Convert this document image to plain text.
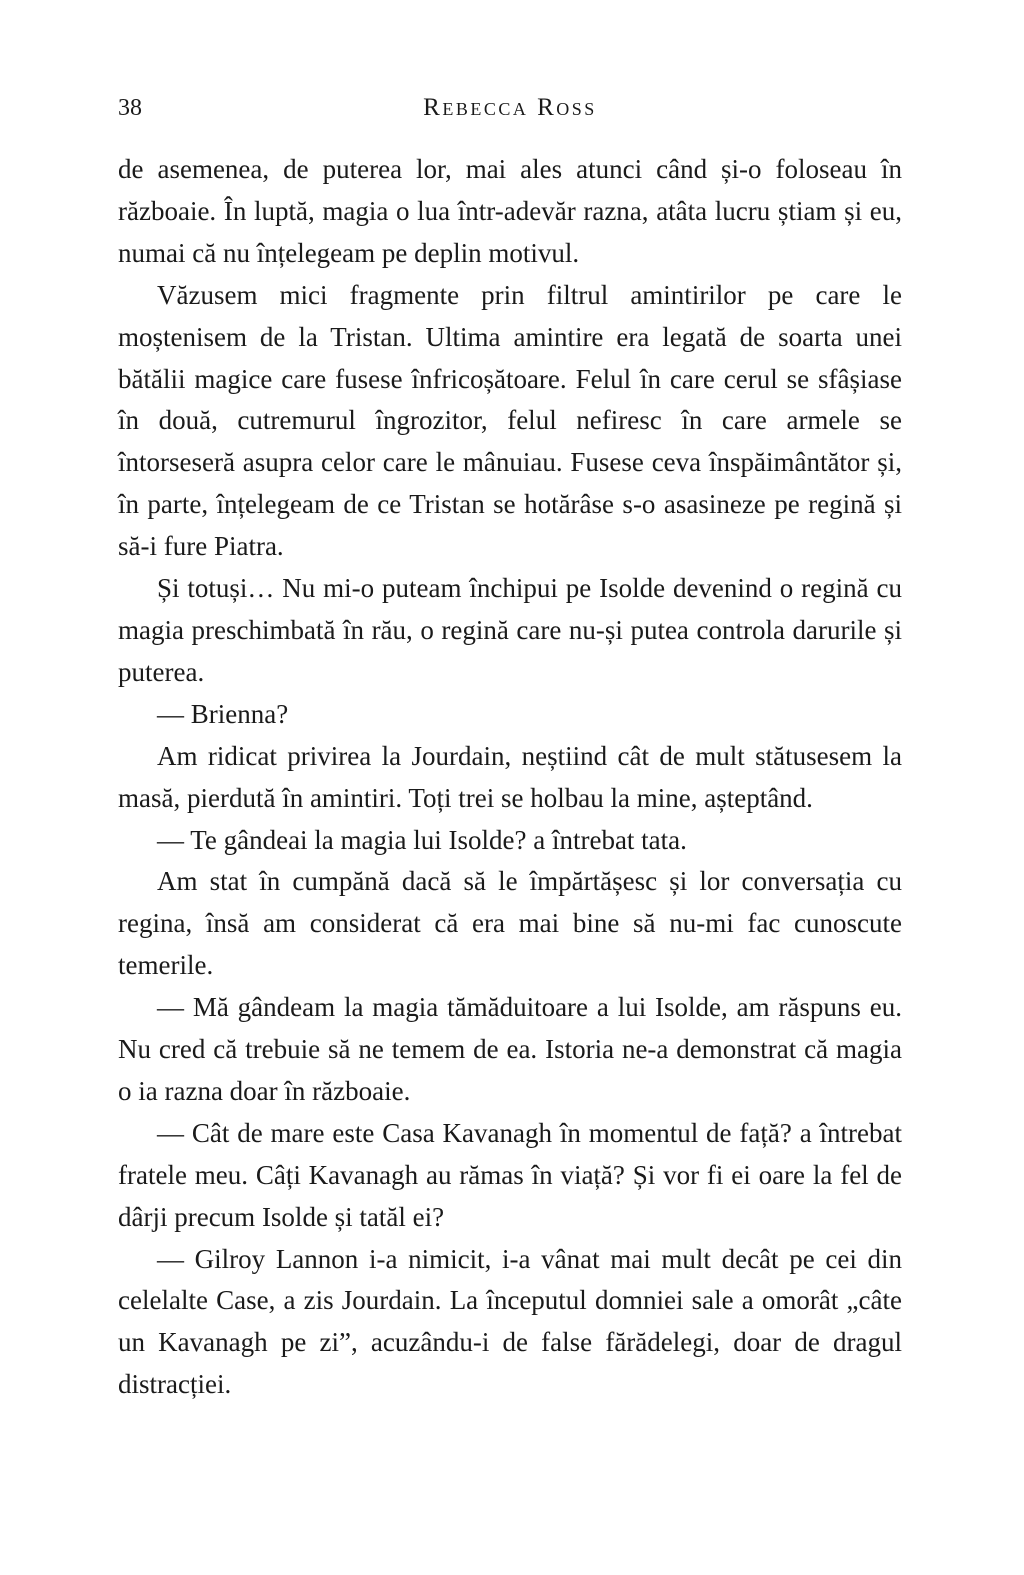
38	Rebecca Ross

de asemenea, de puterea lor, mai ales atunci când și-o foloseau în războaie. În luptă, magia o lua într-adevăr razna, atâta lucru știam și eu, numai că nu înțelegeam pe deplin motivul.

Văzusem mici fragmente prin filtrul amintirilor pe care le moștenisem de la Tristan. Ultima amintire era legată de soarta unei bătălii magice care fusese înfricoșătoare. Felul în care cerul se sfâșiase în două, cutremurul îngrozitor, felul nefiresc în care armele se întorseseră asupra celor care le mânuiau. Fusese ceva înspăimântător și, în parte, înțelegeam de ce Tristan se hotărâse s-o asasineze pe regină și să-i fure Piatra.

Și totuși… Nu mi-o puteam închipui pe Isolde devenind o regină cu magia preschimbată în rău, o regină care nu-și putea controla darurile și puterea.

— Brienna?

Am ridicat privirea la Jourdain, neștiind cât de mult stătusesem la masă, pierdută în amintiri. Toți trei se holbau la mine, așteptând.

— Te gândeai la magia lui Isolde? a întrebat tata.

Am stat în cumpănă dacă să le împărtășesc și lor conversația cu regina, însă am considerat că era mai bine să nu-mi fac cunoscute temerile.

— Mă gândeam la magia tămăduitoare a lui Isolde, am răspuns eu. Nu cred că trebuie să ne temem de ea. Istoria ne-a demonstrat că magia o ia razna doar în războaie.

— Cât de mare este Casa Kavanagh în momentul de față? a întrebat fratele meu. Câți Kavanagh au rămas în viață? Și vor fi ei oare la fel de dârji precum Isolde și tatăl ei?

— Gilroy Lannon i-a nimicit, i-a vânat mai mult decât pe cei din celelalte Case, a zis Jourdain. La începutul domniei sale a omorât „câte un Kavanagh pe zi”, acuzându-i de false fărădelegi, doar de dragul distracției.
